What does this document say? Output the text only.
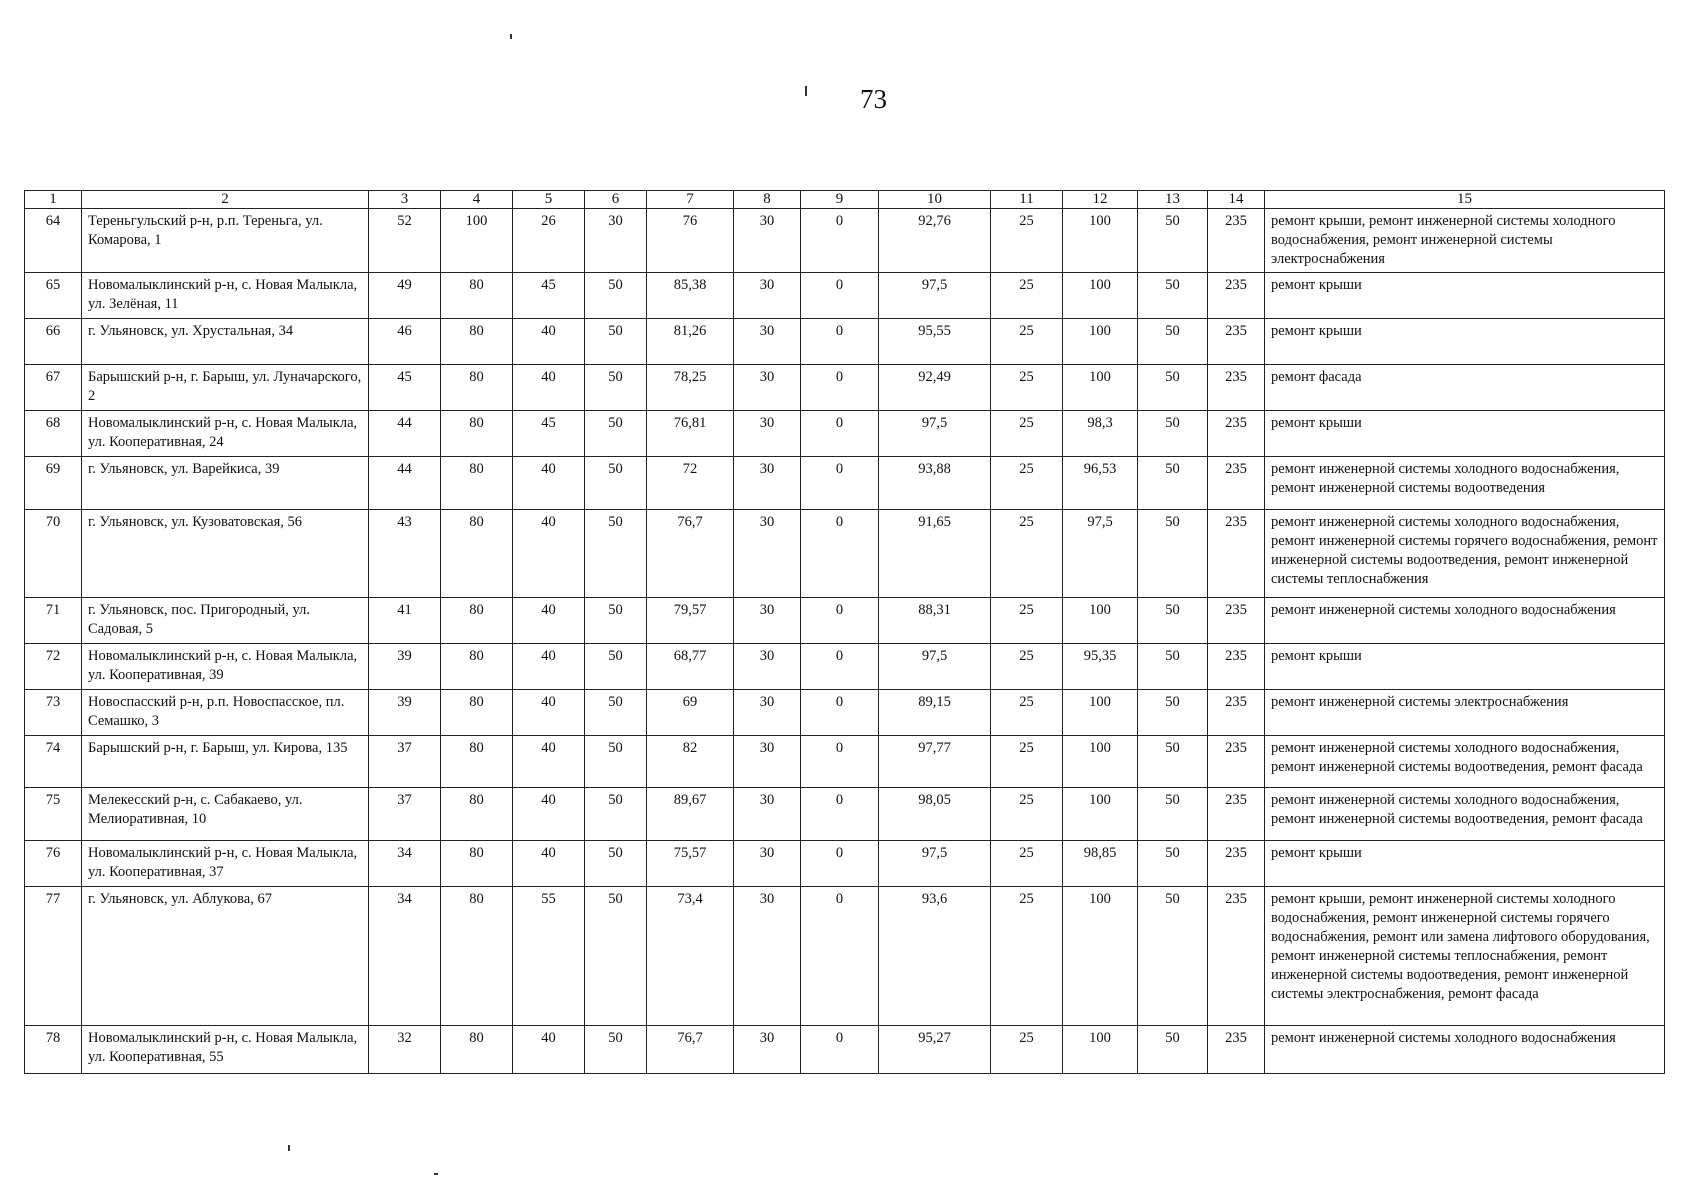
73
1	2	3	4	5	6	7	8	9	10	11	12	13	14	15
64	Тереньгульский р-н, р.п. Тереньга, ул. Комарова, 1	52	100	26	30	76	30	0	92,76	25	100	50	235	ремонт крыши, ремонт инженерной системы холодного водоснабжения, ремонт инженерной системы электроснабжения
65	Новомалыклинский р-н, с. Новая Малыкла, ул. Зелёная, 11	49	80	45	50	85,38	30	0	97,5	25	100	50	235	ремонт крыши
66	г. Ульяновск, ул. Хрустальная, 34	46	80	40	50	81,26	30	0	95,55	25	100	50	235	ремонт крыши
67	Барышский р-н, г. Барыш, ул. Луначарского, 2	45	80	40	50	78,25	30	0	92,49	25	100	50	235	ремонт фасада
68	Новомалыклинский р-н, с. Новая Малыкла, ул. Кооперативная, 24	44	80	45	50	76,81	30	0	97,5	25	98,3	50	235	ремонт крыши
69	г. Ульяновск, ул. Варейкиса, 39	44	80	40	50	72	30	0	93,88	25	96,53	50	235	ремонт инженерной системы холодного водоснабжения, ремонт инженерной системы водоотведения
70	г. Ульяновск, ул. Кузоватовская, 56	43	80	40	50	76,7	30	0	91,65	25	97,5	50	235	ремонт инженерной системы холодного водоснабжения, ремонт инженерной системы горячего водоснабжения, ремонт инженерной системы водоотведения, ремонт инженерной системы теплоснабжения
71	г. Ульяновск, пос. Пригородный, ул. Садовая, 5	41	80	40	50	79,57	30	0	88,31	25	100	50	235	ремонт инженерной системы холодного водоснабжения
72	Новомалыклинский р-н, с. Новая Малыкла, ул. Кооперативная, 39	39	80	40	50	68,77	30	0	97,5	25	95,35	50	235	ремонт крыши
73	Новоспасский р-н, р.п. Новоспасское, пл. Семашко, 3	39	80	40	50	69	30	0	89,15	25	100	50	235	ремонт инженерной системы электроснабжения
74	Барышский р-н, г. Барыш, ул. Кирова, 135	37	80	40	50	82	30	0	97,77	25	100	50	235	ремонт инженерной системы холодного водоснабжения, ремонт инженерной системы водоотведения, ремонт фасада
75	Мелекесский р-н, с. Сабакаево, ул. Мелиоративная, 10	37	80	40	50	89,67	30	0	98,05	25	100	50	235	ремонт инженерной системы холодного водоснабжения, ремонт инженерной системы водоотведения, ремонт фасада
76	Новомалыклинский р-н, с. Новая Малыкла, ул. Кооперативная, 37	34	80	40	50	75,57	30	0	97,5	25	98,85	50	235	ремонт крыши
77	г. Ульяновск, ул. Аблукова, 67	34	80	55	50	73,4	30	0	93,6	25	100	50	235	ремонт крыши, ремонт инженерной системы холодного водоснабжения, ремонт инженерной системы горячего водоснабжения, ремонт или замена лифтового оборудования, ремонт инженерной системы теплоснабжения, ремонт инженерной системы водоотведения, ремонт инженерной системы электроснабжения, ремонт фасада
78	Новомалыклинский р-н, с. Новая Малыкла, ул. Кооперативная, 55	32	80	40	50	76,7	30	0	95,27	25	100	50	235	ремонт инженерной системы холодного водоснабжения
